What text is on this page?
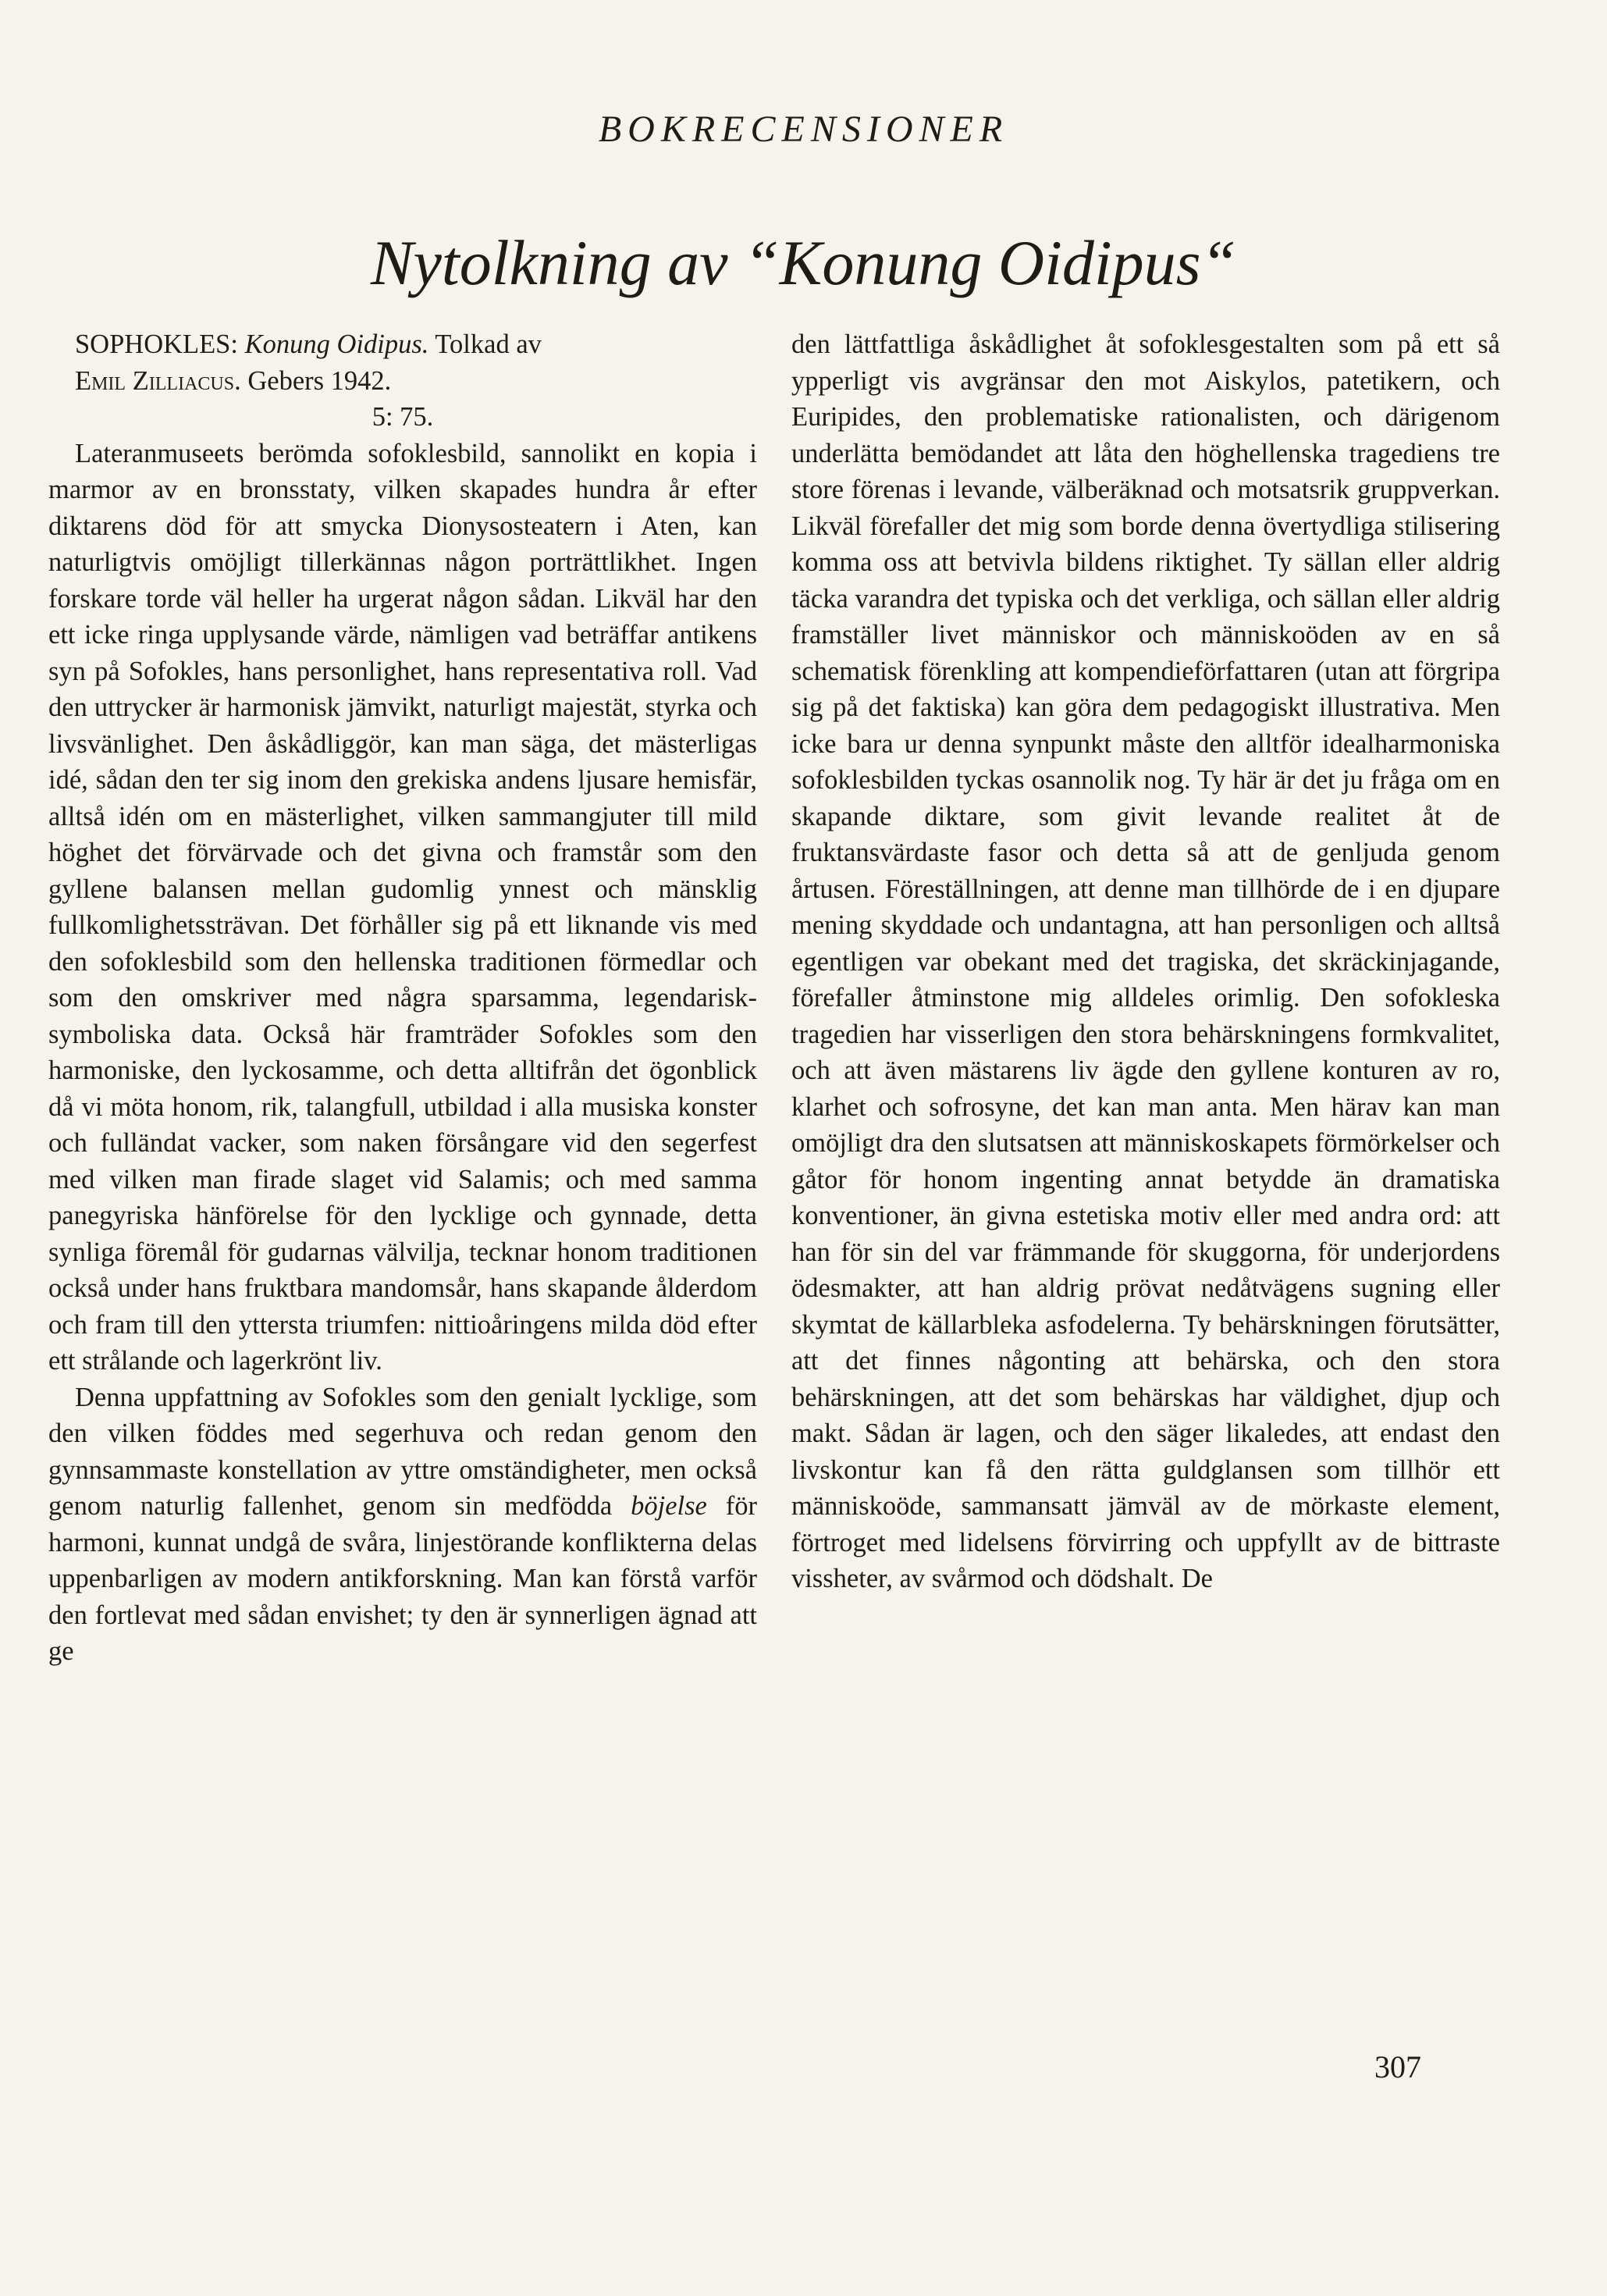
BOKRECENSIONER
Nytolkning av “Konung Oidipus“

SOPHOKLES: Konung Oidipus. Tolkad av

Emil Zilliacus. Gebers 1942.

5: 75.

Lateranmuseets berömda sofoklesbild, sannolikt en kopia i marmor av en bronsstaty, vilken skapades hundra år efter diktarens död för att smycka Dionysosteatern i Aten, kan naturligtvis omöjligt tillerkännas någon porträttlikhet. Ingen forskare torde väl heller ha urgerat någon sådan. Likväl har den ett icke ringa upplysande värde, nämligen vad beträffar antikens syn på Sofokles, hans personlighet, hans representativa roll. Vad den uttrycker är harmonisk jämvikt, naturligt majestät, styrka och livsvänlighet. Den åskådliggör, kan man säga, det mästerligas idé, sådan den ter sig inom den grekiska andens ljusare hemisfär, alltså idén om en mästerlighet, vilken sammangjuter till mild höghet det förvärvade och det givna och framstår som den gyllene balansen mellan gudomlig ynnest och mänsklig fullkomlighetssträvan. Det förhåller sig på ett liknande vis med den sofoklesbild som den hellenska traditionen förmedlar och som den omskriver med några sparsamma, legendarisk-symboliska data. Också här framträder Sofokles som den harmoniske, den lyckosamme, och detta alltifrån det ögonblick då vi möta honom, rik, talangfull, utbildad i alla musiska konster och fulländat vacker, som naken försångare vid den segerfest med vilken man firade slaget vid Salamis; och med samma panegyriska hänförelse för den lycklige och gynnade, detta synliga föremål för gudarnas välvilja, tecknar honom traditionen också under hans fruktbara mandomsår, hans skapande ålderdom och fram till den yttersta triumfen: nittioåringens milda död efter ett strålande och lagerkrönt liv.

Denna uppfattning av Sofokles som den genialt lycklige, som den vilken föddes med segerhuva och redan genom den gynnsammaste konstellation av yttre omständigheter, men också genom naturlig fallenhet, genom sin medfödda böjelse för harmoni, kunnat undgå de svåra, linjestörande konflikterna delas uppenbarligen av modern antikforskning. Man kan förstå varför den fortlevat med sådan envishet; ty den är synnerligen ägnad att ge

den lättfattliga åskådlighet åt sofoklesgestalten som på ett så ypperligt vis avgränsar den mot Aiskylos, patetikern, och Euripides, den problematiske rationalisten, och därigenom underlätta bemödandet att låta den höghellenska tragediens tre store förenas i levande, välberäknad och motsatsrik gruppverkan. Likväl förefaller det mig som borde denna övertydliga stilisering komma oss att betvivla bildens riktighet. Ty sällan eller aldrig täcka varandra det typiska och det verkliga, och sällan eller aldrig framställer livet människor och människoöden av en så schematisk förenkling att kompendieförfattaren (utan att förgripa sig på det faktiska) kan göra dem pedagogiskt illustrativa. Men icke bara ur denna synpunkt måste den alltför idealharmoniska sofoklesbilden tyckas osannolik nog. Ty här är det ju fråga om en skapande diktare, som givit levande realitet åt de fruktansvärdaste fasor och detta så att de genljuda genom årtusen. Föreställningen, att denne man tillhörde de i en djupare mening skyddade och undantagna, att han personligen och alltså egentligen var obekant med det tragiska, det skräckinjagande, förefaller åtminstone mig alldeles orimlig. Den sofokleska tragedien har visserligen den stora behärskningens formkvalitet, och att även mästarens liv ägde den gyllene konturen av ro, klarhet och sofrosyne, det kan man anta. Men härav kan man omöjligt dra den slutsatsen att människoskapets förmörkelser och gåtor för honom ingenting annat betydde än dramatiska konventioner, än givna estetiska motiv eller med andra ord: att han för sin del var främmande för skuggorna, för underjordens ödesmakter, att han aldrig prövat nedåtvägens sugning eller skymtat de källarbleka asfodelerna. Ty behärskningen förutsätter, att det finnes någonting att behärska, och den stora behärskningen, att det som behärskas har väldighet, djup och makt. Sådan är lagen, och den säger likaledes, att endast den livskontur kan få den rätta guldglansen som tillhör ett människoöde, sammansatt jämväl av de mörkaste element, förtroget med lidelsens förvirring och uppfyllt av de bittraste vissheter, av svårmod och dödshalt. De

307
